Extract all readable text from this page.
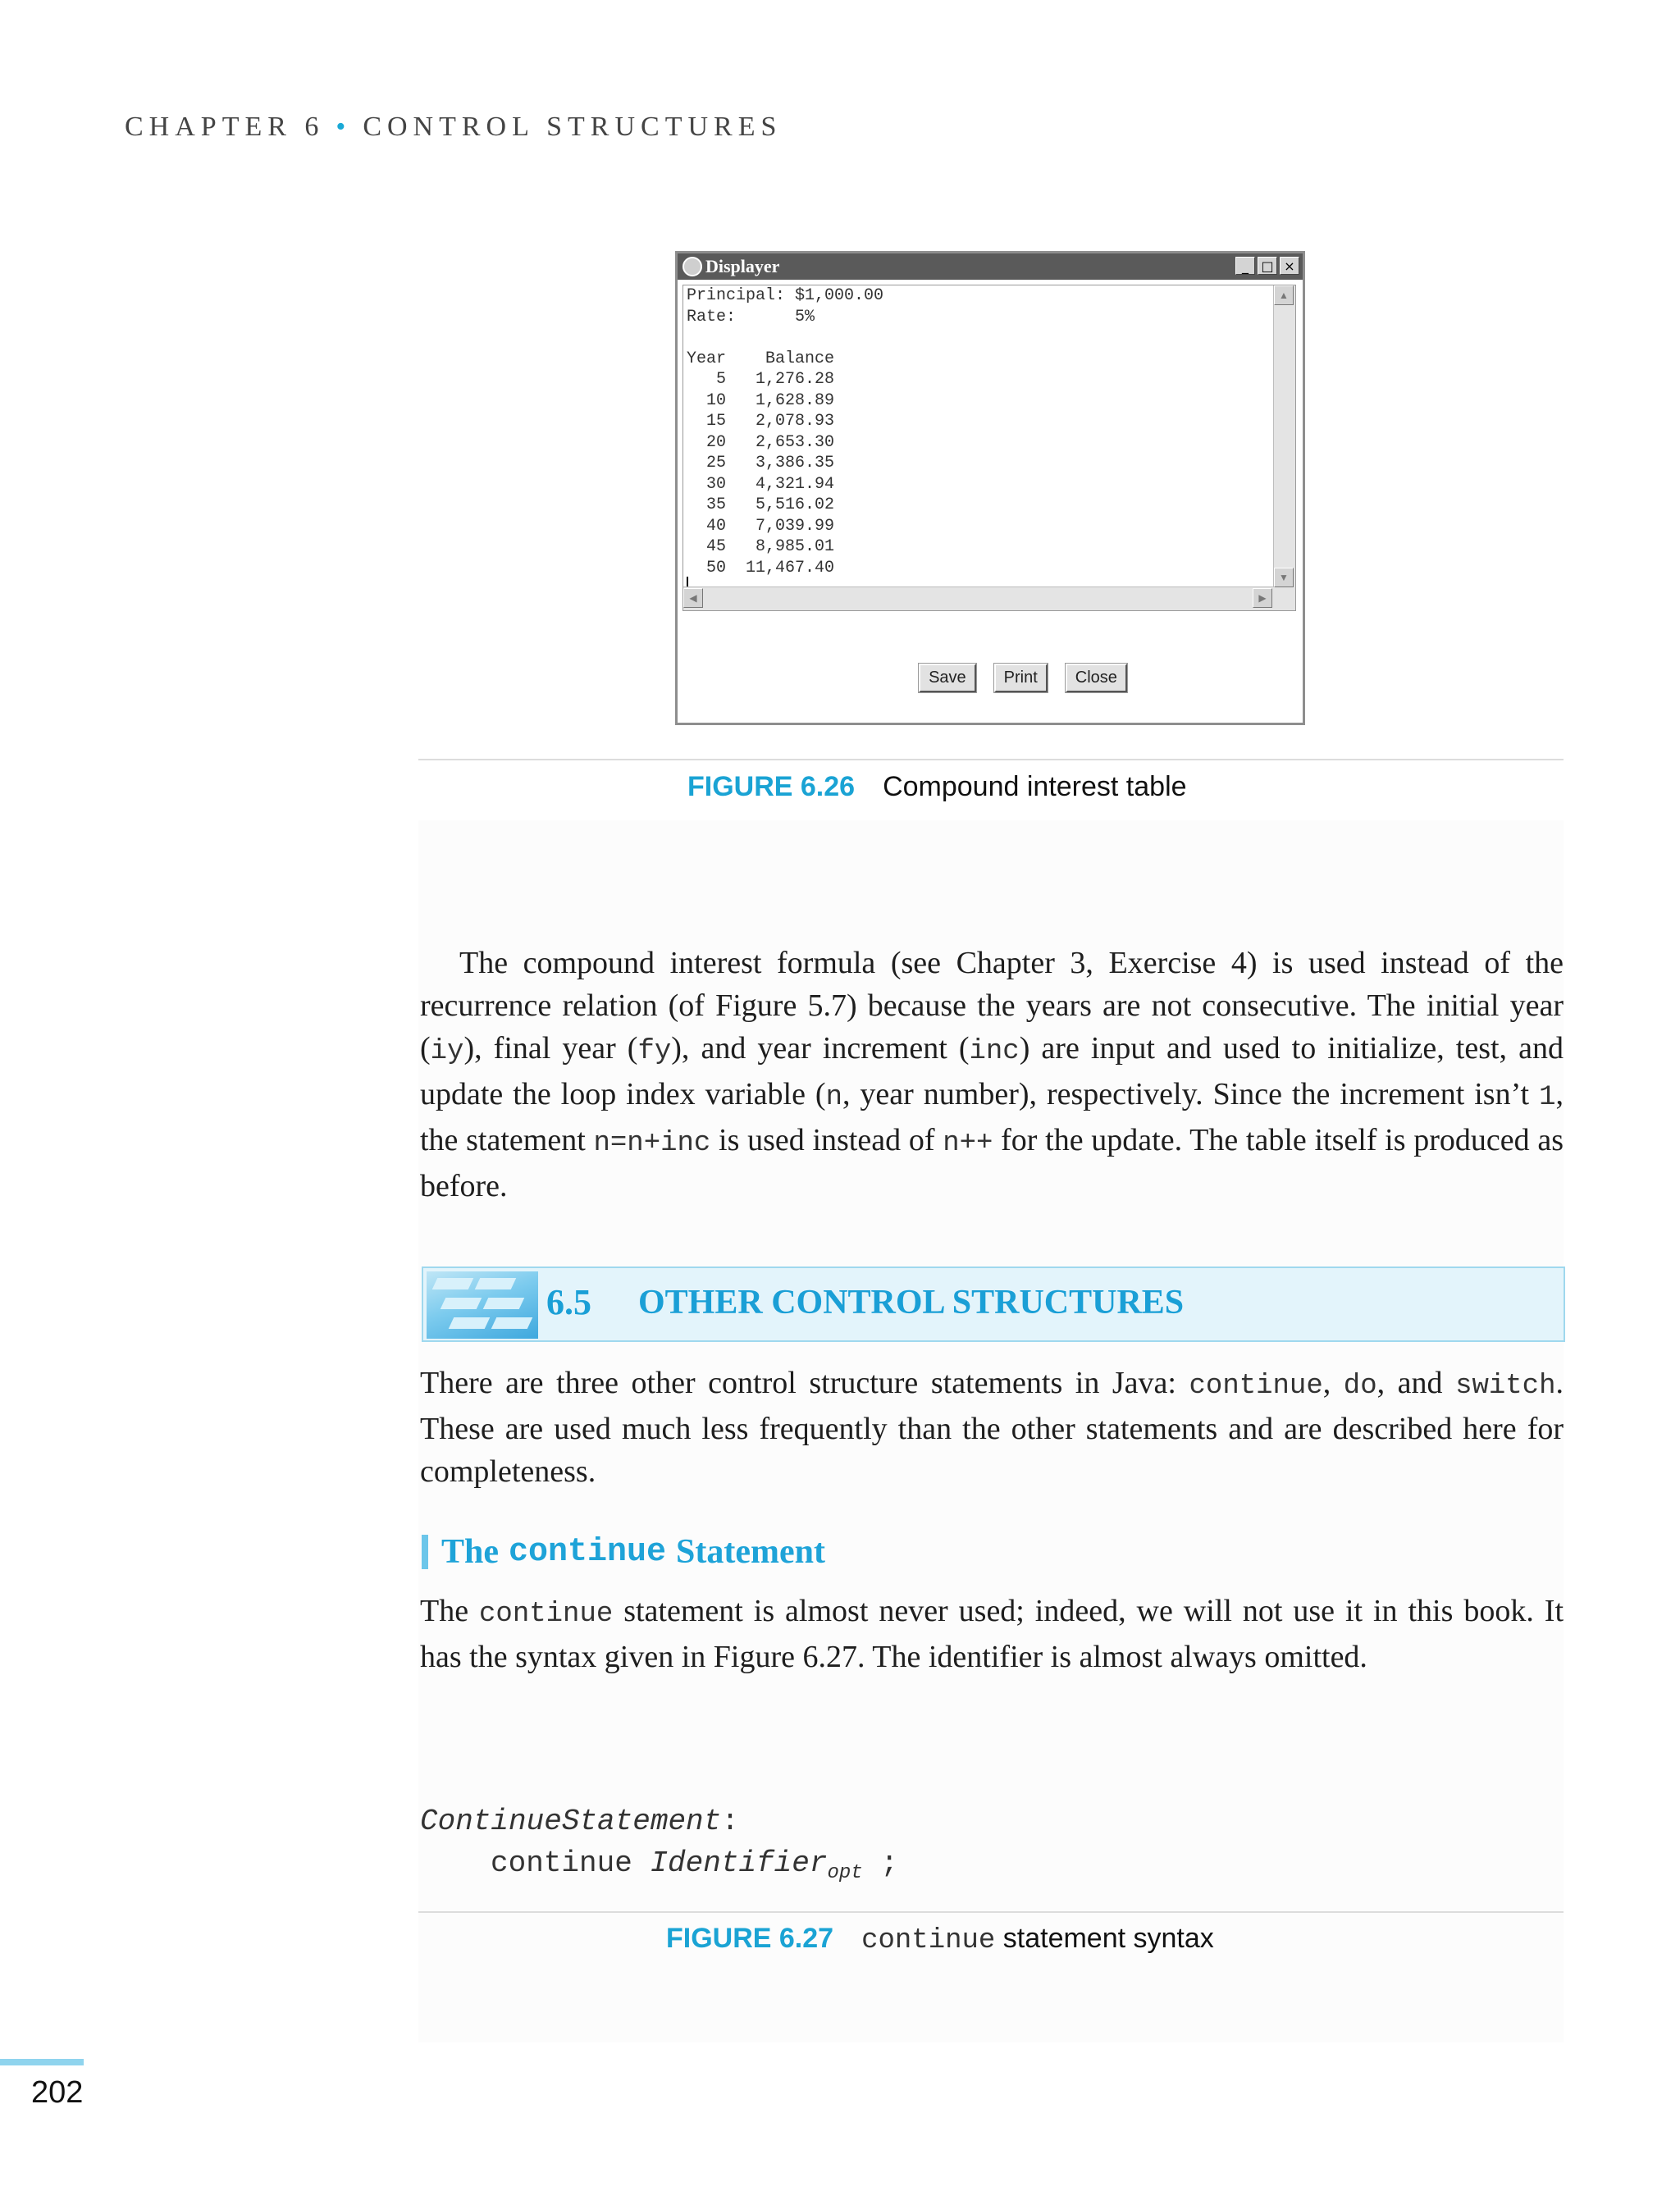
CHAPTER 6 • CONTROL STRUCTURES
Displayer	_ □ ×
Principal: $1,000.00
Rate:      5%

Year    Balance
5   1,276.28
10   1,628.89
15   2,078.93
20   2,653.30
25   3,386.35
30   4,321.94
35   5,516.02
40   7,039.99
45   8,985.01
50  11,467.40
▲
▼
◀	▶
Save	Print	Close
FIGURE 6.26 Compound interest table
The compound interest formula (see Chapter 3, Exercise 4) is used instead of the recurrence relation (of Figure 5.7) because the years are not consecutive. The initial year (iy), final year (fy), and year increment (inc) are input and used to initialize, test, and update the loop index variable (n, year number), respectively. Since the increment isn’t 1, the statement n=n+inc is used instead of n++ for the update. The table itself is produced as before.
6.5 OTHER CONTROL STRUCTURES
There are three other control structure statements in Java: continue, do, and switch. These are used much less frequently than the other statements and are described here for completeness.
The continue Statement
The continue statement is almost never used; indeed, we will not use it in this book. It has the syntax given in Figure 6.27. The identifier is almost always omitted.
ContinueStatement:
continue Identifier$_{opt}$ ;
FIGURE 6.27 continue statement syntax
202
